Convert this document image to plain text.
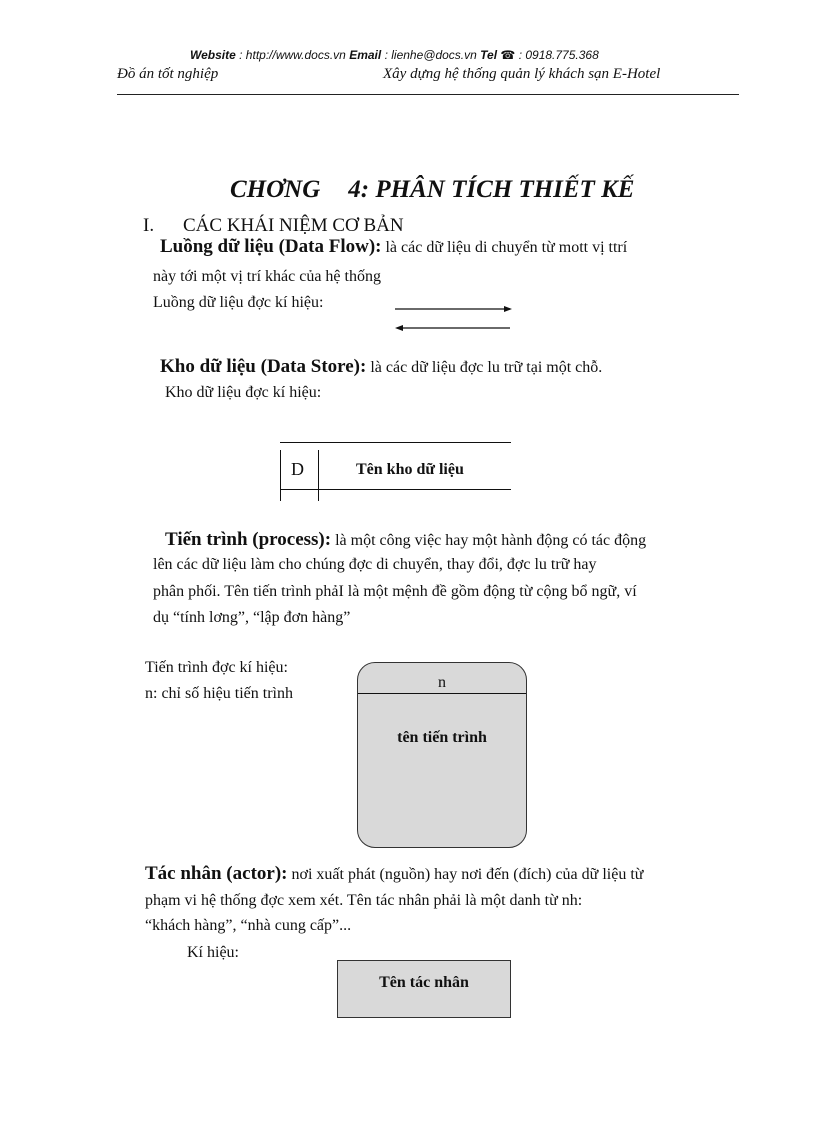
Website : http://www.docs.vn Email : lienhe@docs.vn Tel ☎ : 0918.775.368
Đồ án tốt nghiệp	Xây dựng hệ thống quản lý khách sạn E-Hotel
CHƠNG 4: PHÂN TÍCH THIẾT KẾ
I. CÁC KHÁI NIỆM CƠ BẢN
Luồng dữ liệu (Data Flow): là các dữ liệu di chuyển từ mott vị ttrí
này tới một vị trí khác của hệ thống
Luồng dữ liệu đợc kí hiệu:
Kho dữ liệu (Data Store): là các dữ liệu đợc lu trữ tại một chỗ.
Kho dữ liệu đợc kí hiệu:
D	Tên kho dữ liệu
Tiến trình (process): là một công việc hay một hành động có tác động
lên các dữ liệu làm cho chúng đợc di chuyển, thay đổi, đợc lu trữ hay
phân phối. Tên tiến trình phảI là một mệnh đề gồm động từ cộng bổ ngữ, ví
dụ “tính lơng”, “lập đơn hàng”
Tiến trình đợc kí hiệu:
n: chỉ số hiệu tiến trình
n
tên tiến trình
Tác nhân (actor): nơi xuất phát (nguồn) hay nơi đến (đích) của dữ liệu từ
phạm vi hệ thống đợc xem xét. Tên tác nhân phải là một danh từ nh:
“khách hàng”, “nhà cung cấp”...
Kí hiệu:
Tên tác nhân
